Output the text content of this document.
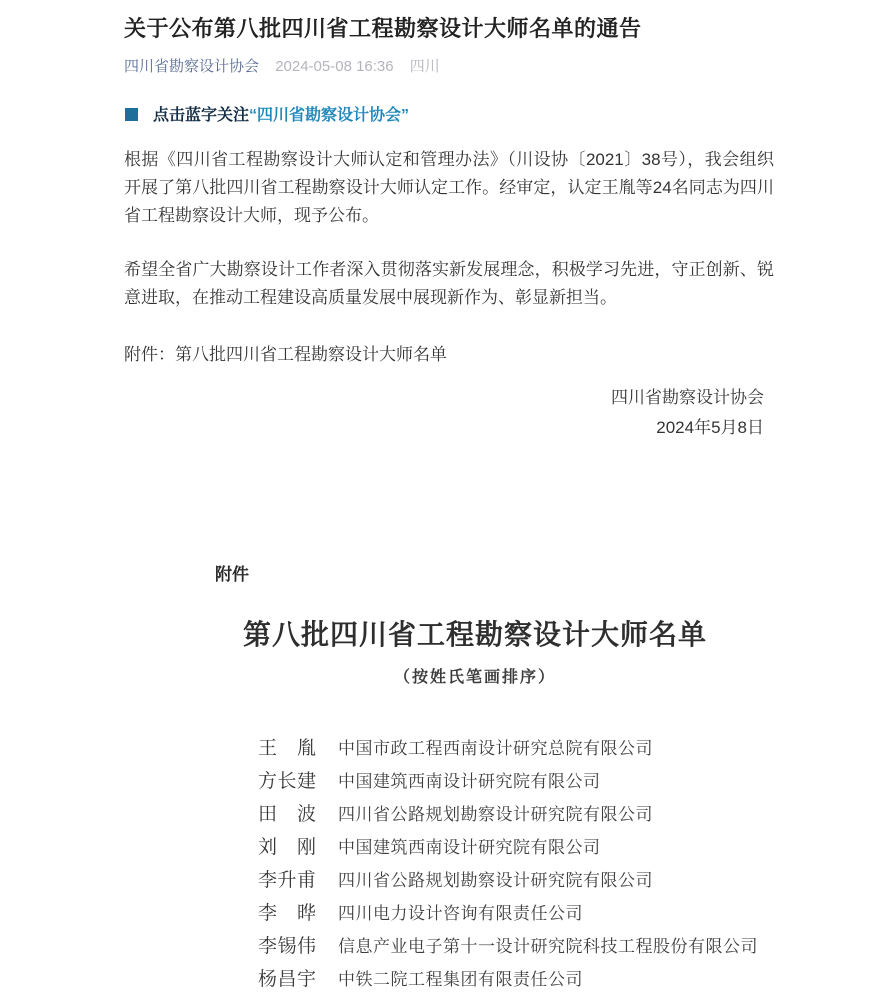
关于公布第八批四川省工程勘察设计大师名单的通告
四川省勘察设计协会 2024-05-08 16:36 四川
点击蓝字关注“四川省勘察设计协会”

根据《四川省工程勘察设计大师认定和管理办法》（川设协〔2021〕38号），我会组织开展了第八批四川省工程勘察设计大师认定工作。经审定，认定王胤等24名同志为四川省工程勘察设计大师，现予公布。

希望全省广大勘察设计工作者深入贯彻落实新发展理念，积极学习先进，守正创新、锐意进取，在推动工程建设高质量发展中展现新作为、彰显新担当。

附件：第八批四川省工程勘察设计大师名单

四川省勘察设计协会
2024年5月8日
附件
第八批四川省工程勘察设计大师名单
（按姓氏笔画排序）
王胤 中国市政工程西南设计研究总院有限公司
方长建 中国建筑西南设计研究院有限公司
田波 四川省公路规划勘察设计研究院有限公司
刘刚 中国建筑西南设计研究院有限公司
李升甫 四川省公路规划勘察设计研究院有限公司
李晔 四川电力设计咨询有限责任公司
李锡伟 信息产业电子第十一设计研究院科技工程股份有限公司
杨昌宇 中铁二院工程集团有限责任公司
